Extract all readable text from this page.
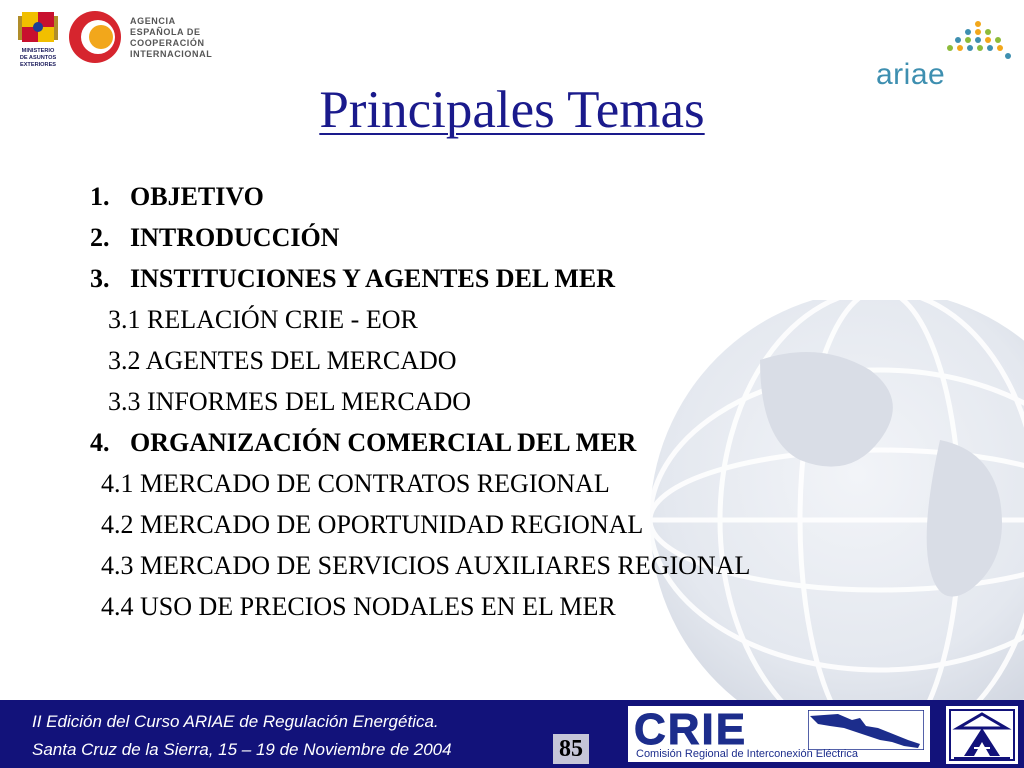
MINISTERIO
DE ASUNTOS
EXTERIORES
AGENCIA
ESPAÑOLA DE
COOPERACIÓN
INTERNACIONAL
ariae
Principales Temas
1. OBJETIVO
2. INTRODUCCIÓN
3. INSTITUCIONES Y AGENTES DEL MER
3.1 RELACIÓN CRIE - EOR
3.2 AGENTES DEL MERCADO
3.3 INFORMES DEL MERCADO
4. ORGANIZACIÓN COMERCIAL DEL MER
4.1 MERCADO DE CONTRATOS REGIONAL
4.2 MERCADO DE OPORTUNIDAD REGIONAL
4.3 MERCADO DE SERVICIOS AUXILIARES REGIONAL
4.4 USO DE PRECIOS NODALES EN EL MER
II Edición del Curso ARIAE de Regulación Energética.
Santa Cruz de la Sierra, 15 – 19 de Noviembre de 2004	85 CRIE
Comisión Regional de Interconexión Eléctrica
